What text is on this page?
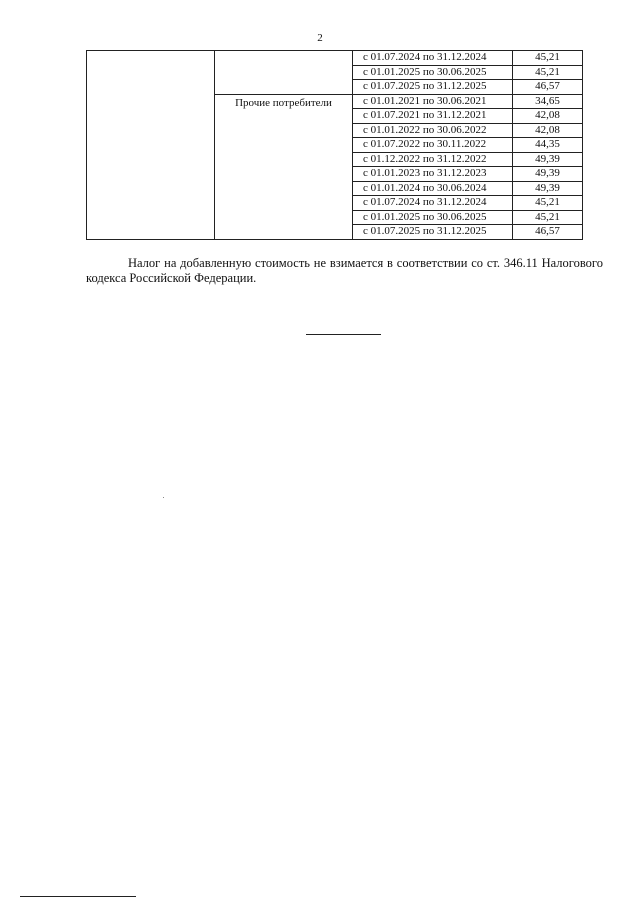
2
		с 01.07.2024 по 31.12.2024	45,21
		с 01.01.2025 по 30.06.2025	45,21
		с 01.07.2025 по 31.12.2025	46,57
	Прочие потребители	с 01.01.2021 по 30.06.2021	34,65
		с 01.07.2021 по 31.12.2021	42,08
		с 01.01.2022 по 30.06.2022	42,08
		с 01.07.2022 по 30.11.2022	44,35
		с 01.12.2022 по 31.12.2022	49,39
		с 01.01.2023 по 31.12.2023	49,39
		с 01.01.2024 по 30.06.2024	49,39
		с 01.07.2024 по 31.12.2024	45,21
		с 01.01.2025 по 30.06.2025	45,21
		с 01.07.2025 по 31.12.2025	46,57

Налог на добавленную стоимость не взимается в соответствии со ст. 346.11 Налогового кодекса Российской Федерации.
